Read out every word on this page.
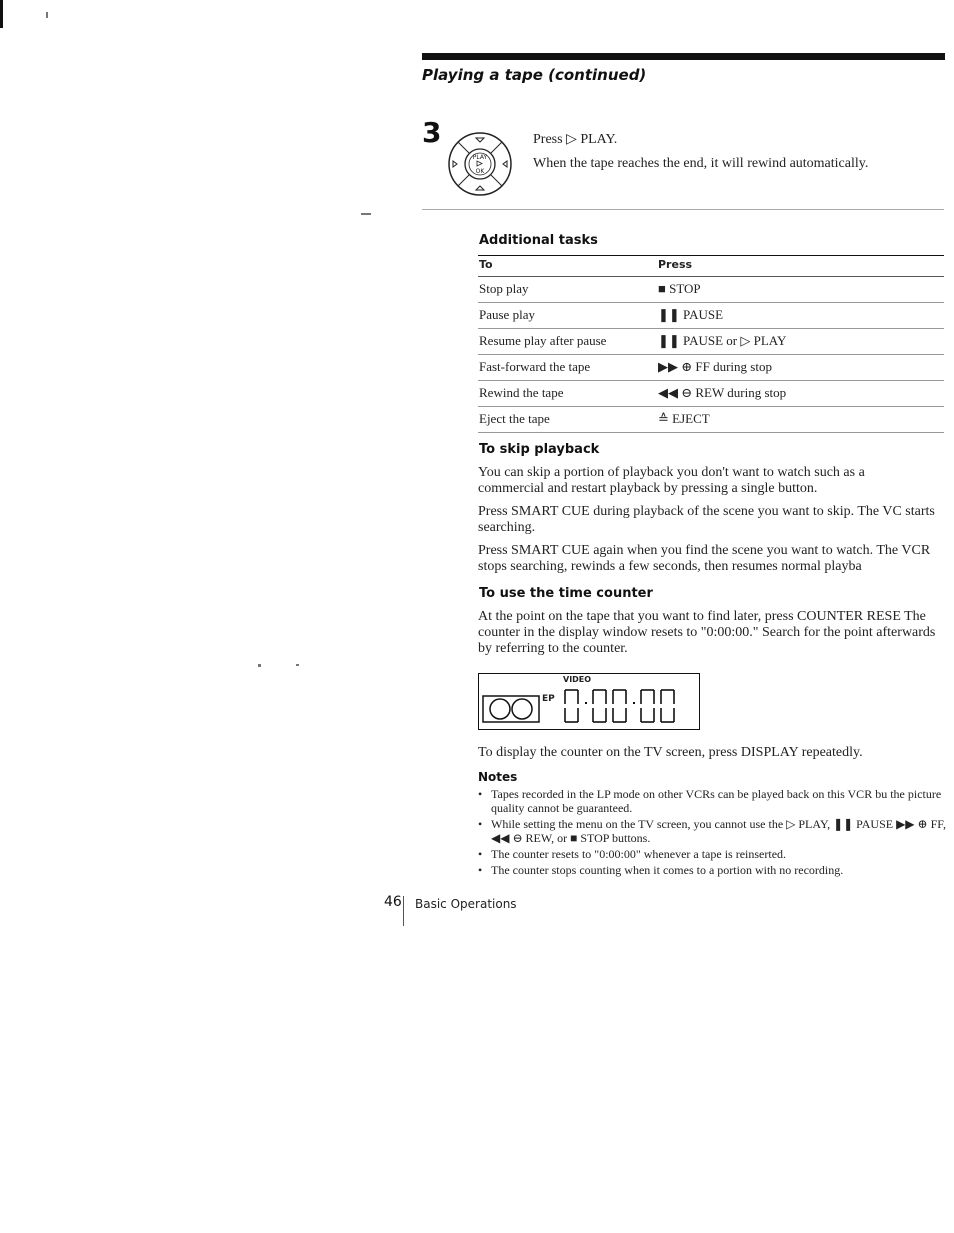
Playing a tape (continued)
3
PLAY
OK
Press ▷ PLAY.
When the tape reaches the end, it will rewind automatically.
Additional tasks
To	Press
Stop play	■ STOP
Pause play	❚❚ PAUSE
Resume play after pause	❚❚ PAUSE or ▷ PLAY
Fast-forward the tape	▶▶ ⊕ FF during stop
Rewind the tape	◀◀ ⊖ REW during stop
Eject the tape	≙ EJECT
To skip playback
You can skip a portion of playback you don't want to watch such as a commercial and restart playback by pressing a single button.
Press SMART CUE during playback of the scene you want to skip. The VC starts searching.
Press SMART CUE again when you find the scene you want to watch. The VCR stops searching, rewinds a few seconds, then resumes normal playba
To use the time counter
At the point on the tape that you want to find later, press COUNTER RESE The counter in the display window resets to "0:00:00." Search for the point afterwards by referring to the counter.
VIDEO
EP
To display the counter on the TV screen, press DISPLAY repeatedly.
Notes
• Tapes recorded in the LP mode on other VCRs can be played back on this VCR bu the picture quality cannot be guaranteed.
• While setting the menu on the TV screen, you cannot use the ▷ PLAY, ❚❚ PAUSE ▶▶ ⊕ FF, ◀◀ ⊖ REW, or ■ STOP buttons.
• The counter resets to "0:00:00" whenever a tape is reinserted.
• The counter stops counting when it comes to a portion with no recording.
46 Basic Operations
